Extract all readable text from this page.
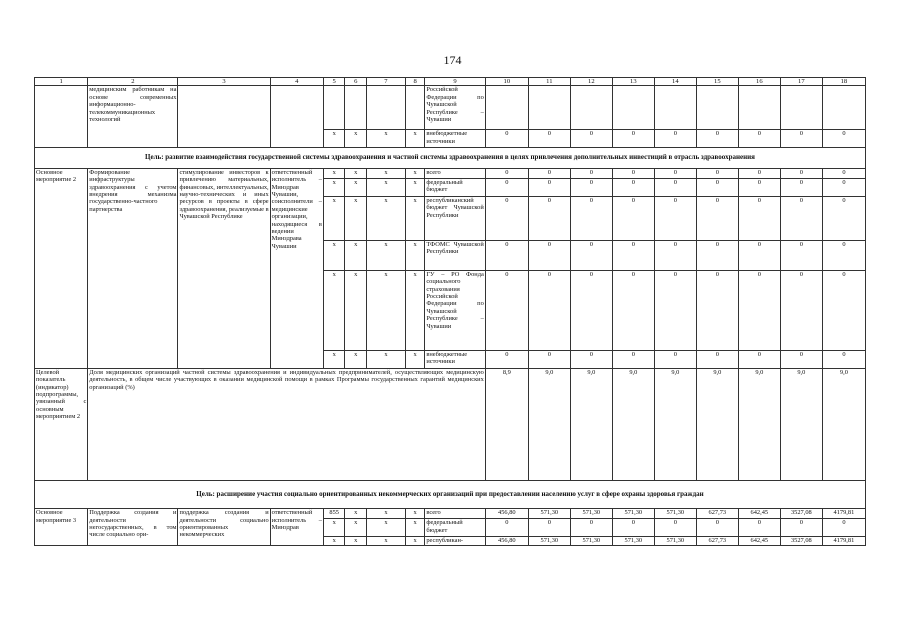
174
1	2	3	4	5	6	7	8	9	10	11	12	13	14	15	16	17	18
	медицинским работникам на основе современных информационно-телекоммуникационных технологий							Российской Федерации по Чувашской Республике – Чувашии									
				х	х	х	х	внебюджетные источники	0	0	0	0	0	0	0	0	0
Цель: развитие взаимодействия государственной системы здравоохранения и частной системы здравоохранения в целях привлечения дополнительных инвестиций в отрасль здравоохранения																	
Основное мероприятие 2	Формирование инфраструктуры здравоохранения с учетом внедрения механизма государственно-частного партнерства	стимулирование инвесторов к привлечению материальных, финансовых, интеллектуальных, научно-технических и иных ресурсов в проекты в сфере здравоохранения, реализуемые в Чувашской Республике	ответственный исполнитель – Минздрав Чувашии, соисполнители – медицинские организации, находящиеся в ведении Минздрава Чувашии	х	х	х	х	всего	0	0	0	0	0	0	0	0	0
				х	х	х	х	федеральный бюджет	0	0	0	0	0	0	0	0	0
				х	х	х	х	республиканский бюджет Чувашской Республики	0	0	0	0	0	0	0	0	0
				х	х	х	х	ТФОМС Чувашской Республики	0	0	0	0	0	0	0	0	0
				х	х	х	х	ГУ – РО Фонда социального страхования Российской Федерации по Чувашской Республике – Чувашии	0	0	0	0	0	0	0	0	0
				х	х	х	х	внебюджетные источники	0	0	0	0	0	0	0	0	0
Целевой показатель (индикатор) подпрограммы, увязанный с основным мероприятием 2	Доля медицинских организаций частной системы здравоохранения и индивидуальных предпринимателей, осуществляющих медицинскую деятельность, в общем числе участвующих в оказании медицинской помощи в рамках Программы государственных гарантий медицинских организаций (%)								8,9	9,0	9,0	9,0	9,0	9,0	9,0	9,0	9,0
Цель: расширение участия социально ориентированных некоммерческих организаций при предоставлении населению услуг в сфере охраны здоровья граждан																	
Основное мероприятие 3	Поддержка создания и деятельности негосударственных, в том числе социально ори-	поддержка создания и деятельности социально ориентированных некоммерческих	ответственный исполнитель – Минздрав	855	х	х	х	всего	456,80	571,30	571,30	571,30	571,30	627,73	642,45	3527,08	4179,81
				х	х	х	х	федеральный бюджет	0	0	0	0	0	0	0	0	0
				х	х	х	х	республикан-	456,80	571,30	571,30	571,30	571,30	627,73	642,45	3527,08	4179,81
